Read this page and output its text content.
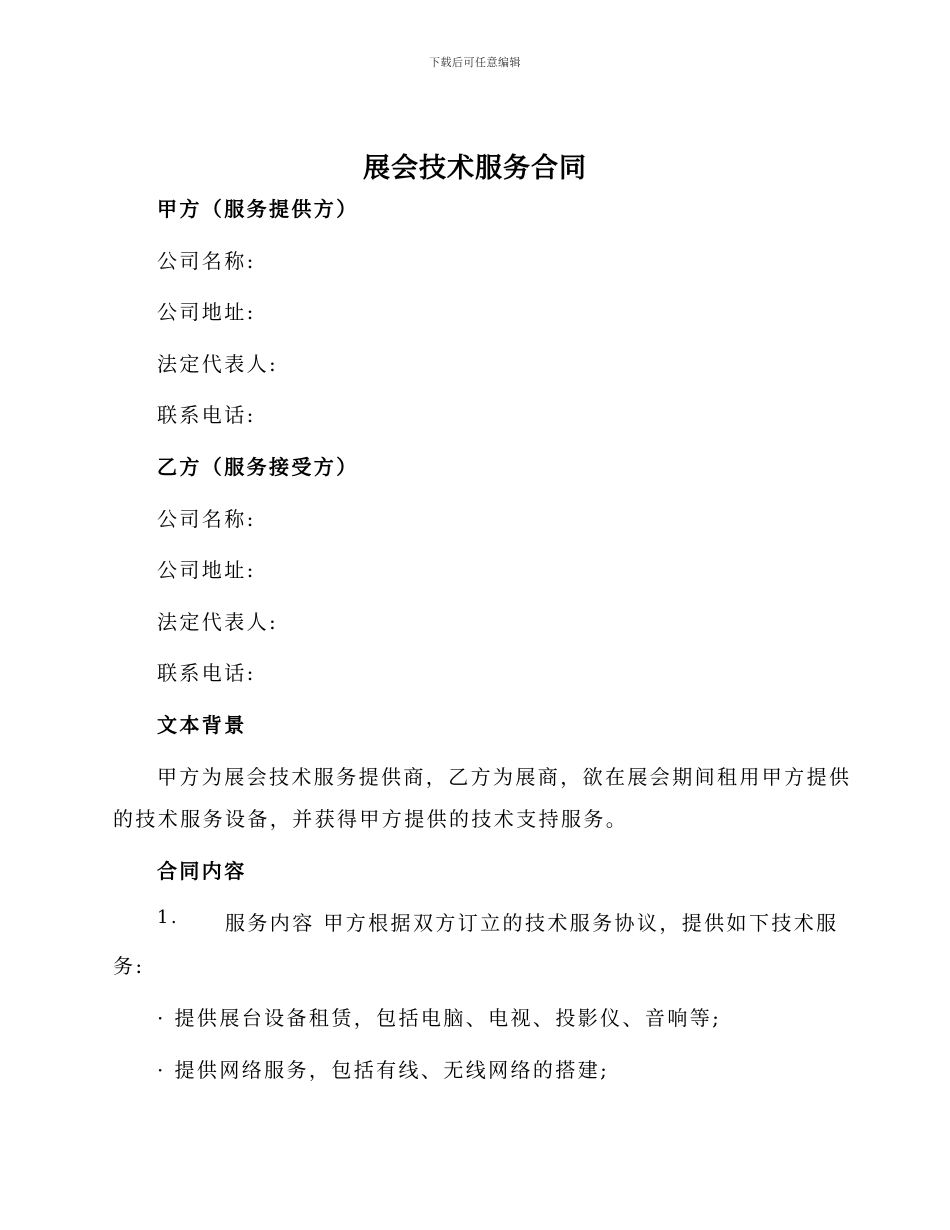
下载后可任意编辑
展会技术服务合同
甲方（服务提供方）
公司名称:
公司地址:
法定代表人:
联系电话:
乙方（服务接受方）
公司名称:
公司地址:
法定代表人:
联系电话:
文本背景
甲方为展会技术服务提供商，乙方为展商，欲在展会期间租用甲方提供
的技术服务设备，并获得甲方提供的技术支持服务。
合同内容
1. 服务内容 甲方根据双方订立的技术服务协议，提供如下技术服
务:
· 提供展台设备租赁，包括电脑、电视、投影仪、音响等;
· 提供网络服务，包括有线、无线网络的搭建;
